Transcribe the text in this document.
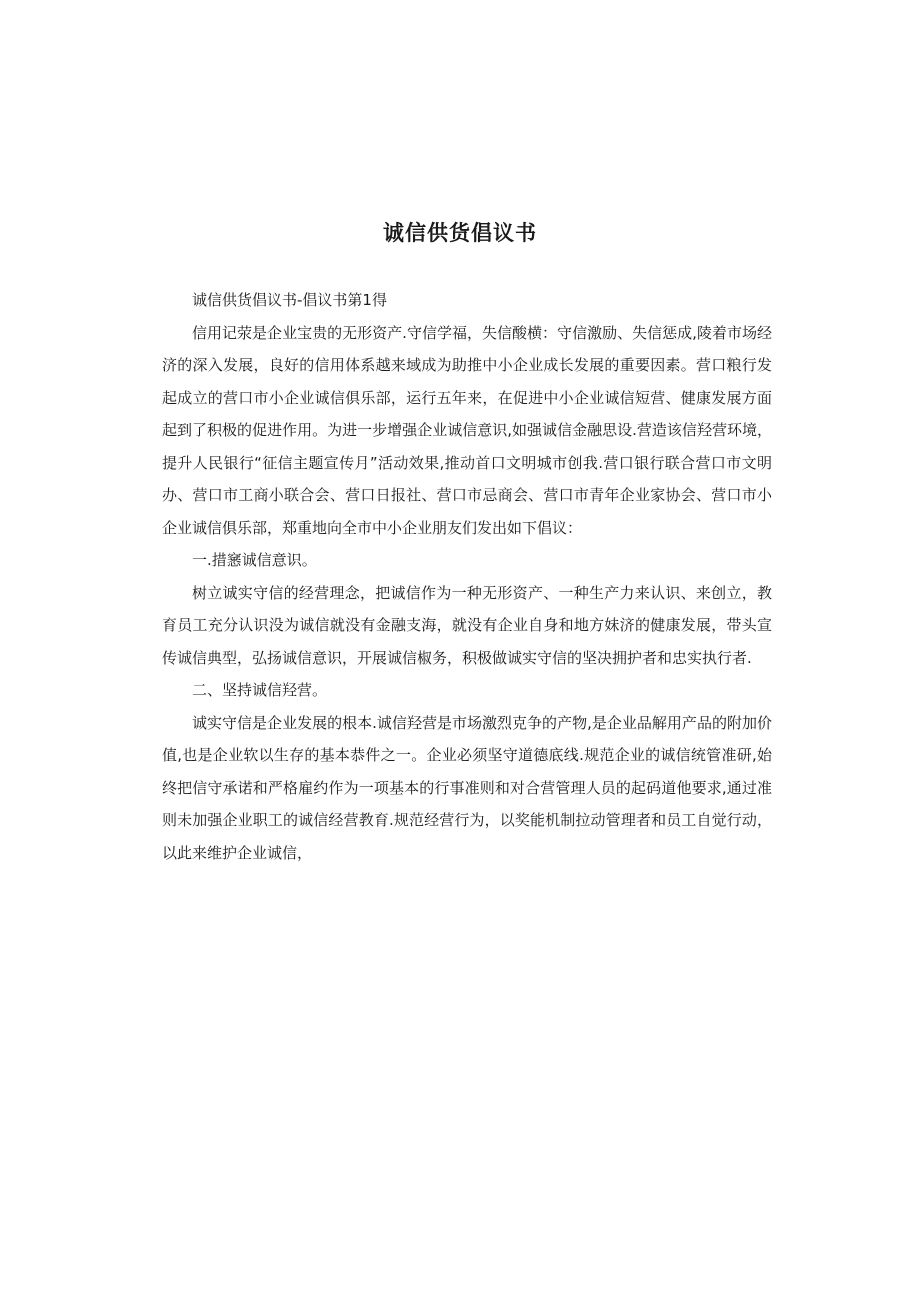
诚信供货倡议书

诚信供货倡议书-倡议书第1得

信用记荥是企业宝贵的无形资产.守信学福，失信酸横：守信激励、失信惩成,陵着市场经济的深入发展，良好的信用体系越来域成为助推中小企业成长发展的重要因素。营口粮行发起成立的营口市小企业诚信俱乐部，运行五年来，在促进中小企业诚信短营、健康发展方面起到了积极的促进作用。为进一步增强企业诚信意识,如强诚信金融思设.营造该信羟营环境，提升人民银行“征信主题宣传月”活动效果,推动首口文明城市创我.营口银行联合营口市文明办、营口市工商小联合会、营口日报社、营口市忌商会、营口市青年企业家协会、营口市小企业诚信俱乐部，郑重地向全市中小企业朋友们发出如下倡议：

一.措窸诚信意识。

树立诚实守信的经营理念，把诚信作为一种无形资产、一种生产力来认识、来创立，教育员工充分认识没为诚信就没有金融支海，就没有企业自身和地方妹济的健康发展，带头宣传诚信典型，弘扬诚信意识，开展诚信椒务，积极做诚实守信的坚决拥护者和忠实执行者.

二、坚持诚信羟营。

诚实守信是企业发展的根本.诚信羟营是市场激烈克争的产物,是企业品解用产品的附加价值,也是企业软以生存的基本恭件之一。企业必须坚守道德底线.规范企业的诚信统管准研,始终把信守承诺和严格雇约作为一项基本的行事准则和对合营管理人员的起码道他要求,通过准则未加强企业职工的诚信经营教育.规范经营行为，以奖能机制拉动管理者和员工自觉行动，以此来维护企业诚信，
